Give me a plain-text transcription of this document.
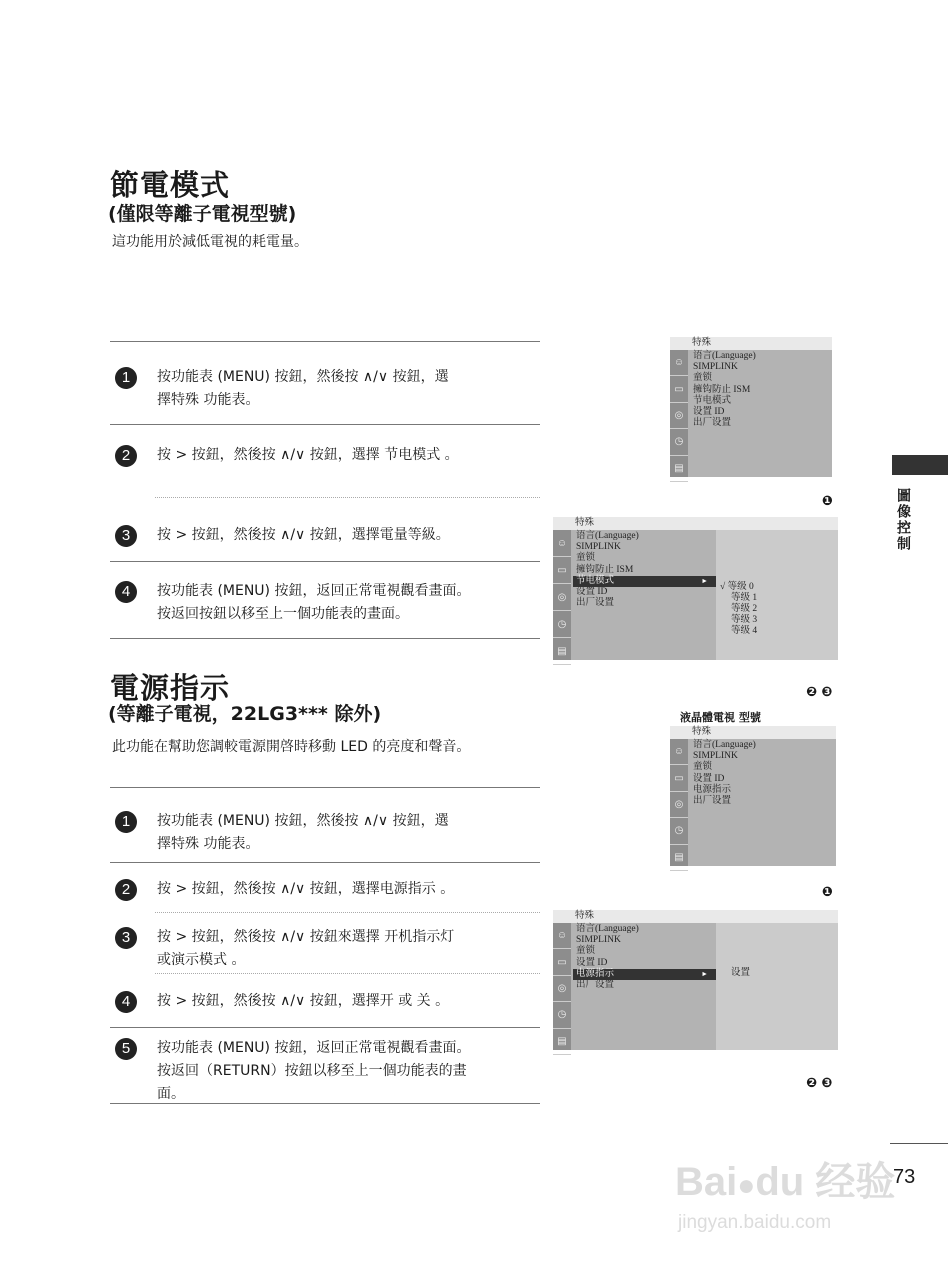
節電模式
(僅限等離子電視型號)
這功能用於減低電視的耗電量。
1	按功能表 (MENU) 按鈕，然後按 ∧/∨ 按鈕，選
擇特殊 功能表。
2	按 > 按鈕，然後按 ∧/∨ 按鈕，選擇 节电模式 。
3	按 > 按鈕，然後按 ∧/∨ 按鈕，選擇電量等級。
4	按功能表 (MENU) 按鈕，返回正常電視觀看畫面。
按返回按鈕以移至上一個功能表的畫面。
電源指示
(等離子電視，22LG3*** 除外)
此功能在幫助您調較電源開啓時移動 LED 的亮度和聲音。
1	按功能表 (MENU) 按鈕，然後按 ∧/∨ 按鈕，選
擇特殊 功能表。
2	按 > 按鈕，然後按 ∧/∨ 按鈕，選擇电源指示 。
3	按 > 按鈕，然後按 ∧/∨ 按鈕來選擇 开机指示灯
或演示模式 。
4	按 > 按鈕，然後按 ∧/∨ 按鈕，選擇开 或 关 。
5	按功能表 (MENU) 按鈕，返回正常電視觀看畫面。
按返回（RETURN）按鈕以移至上一個功能表的畫
面。
特殊
☺
▭
◎
◷
▤
语言(Language)
SIMPLINK
童锁
擁钩防止 ISM
节电模式
设置 ID
出厂设置
√ 等级 0
等级 1
等级 2
等级 3
等级 4
特殊
☺
▭
◎
◷
▤
语言(Language)
SIMPLINK
童锁
擁钩防止 ISM
节电模式 ►
设置 ID
出厂设置
特殊
☺
▭
◎
◷
▤
语言(Language)
SIMPLINK
童锁
设置 ID
电源指示
出厂设置
设置
特殊
☺
▭
◎
◷
▤
语言(Language)
SIMPLINK
童锁
设置 ID
电源指示 ►
出厂设置
❶
❷ ❸
❶
❷ ❸
液晶體電視 型號
圖像控制
73
Bai●du 经验
jingyan.baidu.com
